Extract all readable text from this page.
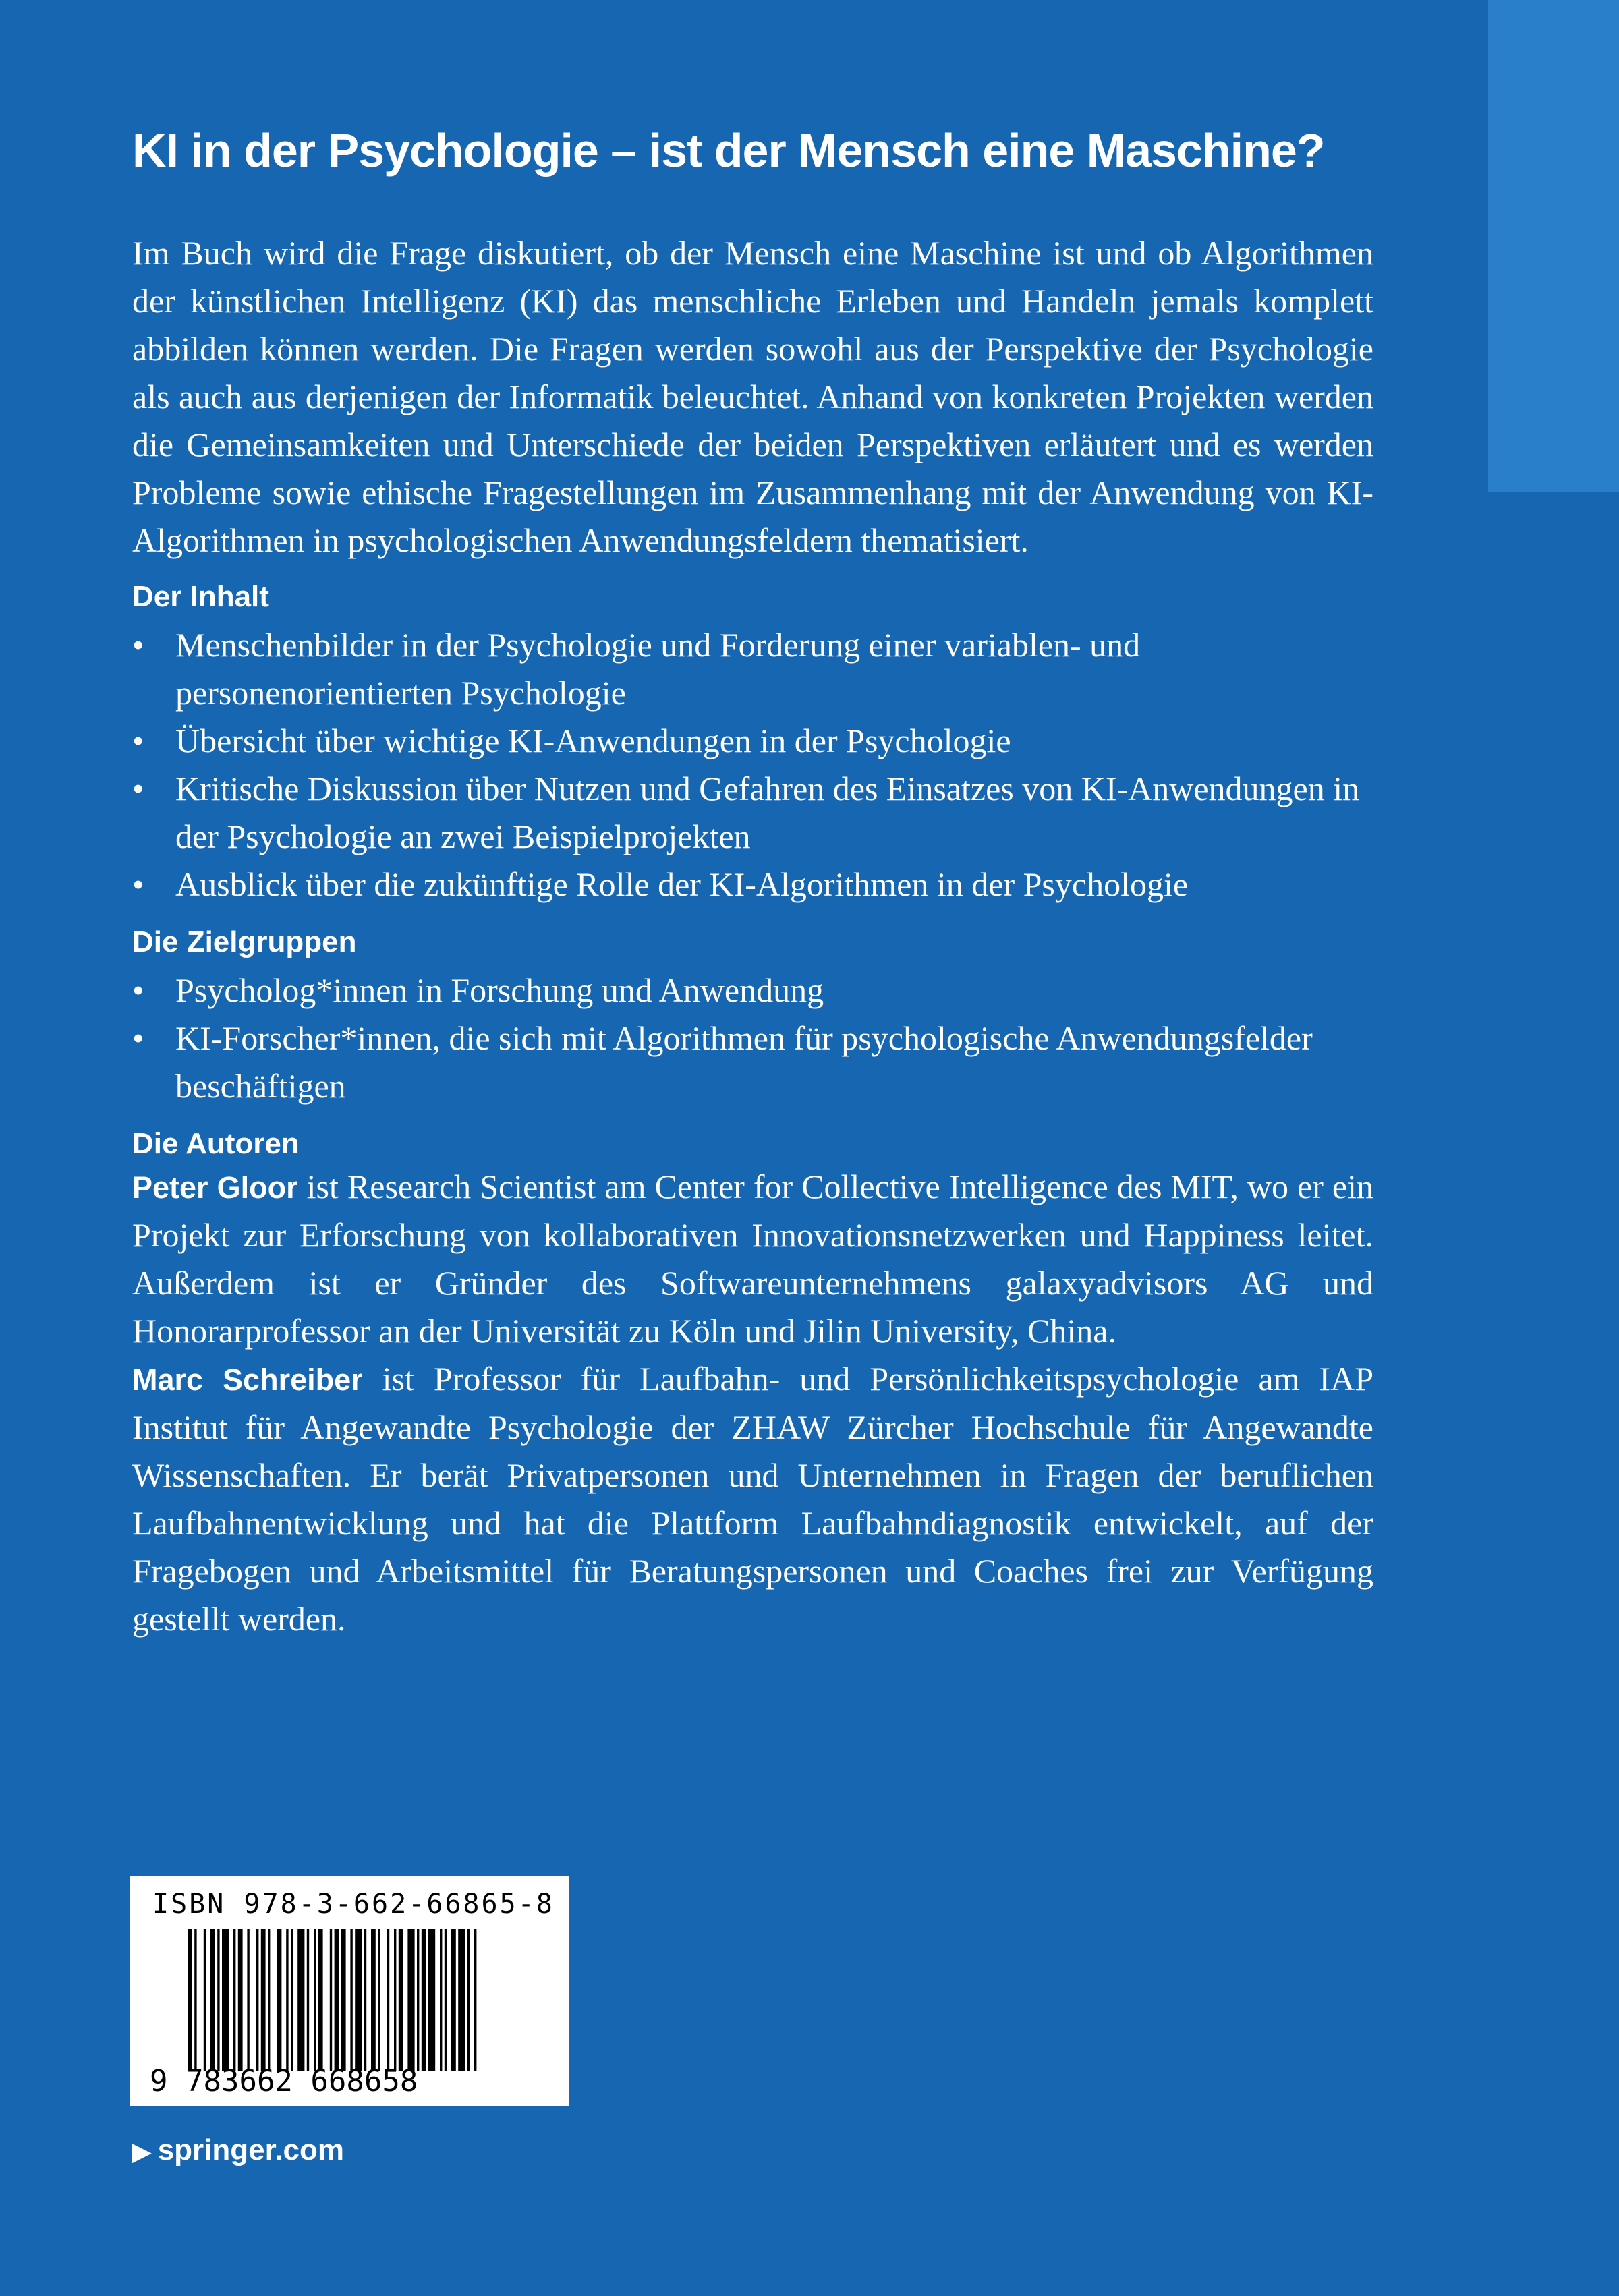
KI in der Psychologie – ist der Mensch eine Maschine?

Im Buch wird die Frage diskutiert, ob der Mensch eine Maschine ist und ob Algorithmen der künstlichen Intelligenz (KI) das menschliche Erleben und Handeln jemals komplett abbilden können werden. Die Fragen werden sowohl aus der Perspektive der Psychologie als auch aus derjenigen der Informatik beleuchtet. Anhand von konkreten Projekten werden die Gemeinsamkeiten und Unterschiede der beiden Perspektiven erläutert und es werden Probleme sowie ethische Fragestellungen im Zusammenhang mit der Anwendung von KI-Algorithmen in psychologischen Anwendungsfeldern thematisiert.

Der Inhalt
• Menschenbilder in der Psychologie und Forderung einer variablen- und personenorientierten Psychologie
• Übersicht über wichtige KI-Anwendungen in der Psychologie
• Kritische Diskussion über Nutzen und Gefahren des Einsatzes von KI-Anwendungen in der Psychologie an zwei Beispielprojekten
• Ausblick über die zukünftige Rolle der KI-Algorithmen in der Psychologie
Die Zielgruppen
• Psycholog*innen in Forschung und Anwendung
• KI-Forscher*innen, die sich mit Algorithmen für psychologische Anwendungsfelder beschäftigen
Die Autoren

Peter Gloor ist Research Scientist am Center for Collective Intelligence des MIT, wo er ein Projekt zur Erforschung von kollaborativen Innovationsnetzwerken und Happiness leitet. Außerdem ist er Gründer des Softwareunternehmens galaxyadvisors AG und Honorarprofessor an der Universität zu Köln und Jilin University, China.

Marc Schreiber ist Professor für Laufbahn- und Persönlichkeitspsychologie am IAP Institut für Angewandte Psychologie der ZHAW Zürcher Hochschule für Angewandte Wissenschaften. Er berät Privatpersonen und Unternehmen in Fragen der beruflichen Laufbahnentwicklung und hat die Plattform Laufbahndiagnostik entwickelt, auf der Fragebogen und Arbeitsmittel für Beratungspersonen und Coaches frei zur Verfügung gestellt werden.

ISBN 978-3-662-66865-8
9 783662 668658
▶ springer.com
